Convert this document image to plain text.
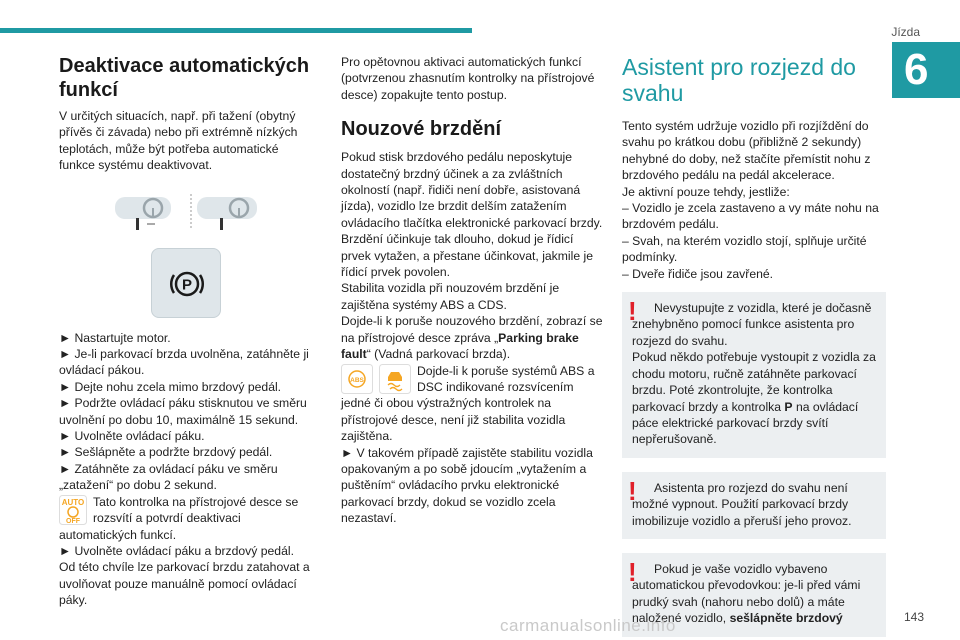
Jízda
6
Deaktivace automatických funkcí

V určitých situacích, např. při tažení (obytný přívěs či závada) nebo při extrémně nízkých teplotách, může být potřeba automatické funkce systému deaktivovat.

P

► Nastartujte motor.

► Je-li parkovací brzda uvolněna, zatáhněte ji ovládací pákou.

► Dejte nohu zcela mimo brzdový pedál.

► Podržte ovládací páku stisknutou ve směru uvolnění po dobu 10, maximálně 15 sekund.

► Uvolněte ovládací páku.

► Sešlápněte a podržte brzdový pedál.

► Zatáhněte za ovládací páku ve směru „zatažení“ po dobu 2 sekund.

AUTO
OFF

Tato kontrolka na přístrojové desce se rozsvítí a potvrdí deaktivaci automatických funkcí.

► Uvolněte ovládací páku a brzdový pedál.

Od této chvíle lze parkovací brzdu zatahovat a uvolňovat pouze manuálně pomocí ovládací páky.

Pro opětovnou aktivaci automatických funkcí (potvrzenou zhasnutím kontrolky na přístrojové desce) zopakujte tento postup.

Nouzové brzdění

Pokud stisk brzdového pedálu neposkytuje dostatečný brzdný účinek a za zvláštních okolností (např. řidiči není dobře, asistovaná jízda), vozidlo lze brzdit delším zatažením ovládacího tlačítka elektronické parkovací brzdy. Brzdění účinkuje tak dlouho, dokud je řídicí prvek vytažen, a přestane účinkovat, jakmile je řídicí prvek povolen.

Stabilita vozidla při nouzovém brzdění je zajištěna systémy ABS a CDS.

Dojde-li k poruše nouzového brzdění, zobrazí se na přístrojové desce zpráva „Parking brake fault“ (Vadná parkovací brzda).

ABS

Dojde-li k poruše systémů ABS a DSC indikované rozsvícením jedné či obou výstražných kontrolek na přístrojové desce, není již stabilita vozidla zajištěna.

► V takovém případě zajistěte stabilitu vozidla opakovaným a po sobě jdoucím „vytažením a puštěním“ ovládacího prvku elektronické parkovací brzdy, dokud se vozidlo zcela nezastaví.

Asistent pro rozjezd do svahu

Tento systém udržuje vozidlo při rozjíždění do svahu po krátkou dobu (přibližně 2 sekundy) nehybné do doby, než stačíte přemístit nohu z brzdového pedálu na pedál akcelerace.

Je aktivní pouze tehdy, jestliže:

– Vozidlo je zcela zastaveno a vy máte nohu na brzdovém pedálu.

– Svah, na kterém vozidlo stojí, splňuje určité podmínky.

– Dveře řidiče jsou zavřené.

!	Nevystupujte z vozidla, které je dočasně znehybněno pomocí funkce asistenta pro rozjezd do svahu.

Pokud někdo potřebuje vystoupit z vozidla za chodu motoru, ručně zatáhněte parkovací brzdu. Poté zkontrolujte, že kontrolka parkovací brzdy a kontrolka P na ovládací páce elektrické parkovací brzdy svítí nepřerušovaně.

!	Asistenta pro rozjezd do svahu není možné vypnout. Použití parkovací brzdy imobilizuje vozidlo a přeruší jeho provoz.

!	Pokud je vaše vozidlo vybaveno automatickou převodovkou: je-li před vámi prudký svah (nahoru nebo dolů) a máte naložené vozidlo, sešlápněte brzdový

carmanualsonline.info	143
